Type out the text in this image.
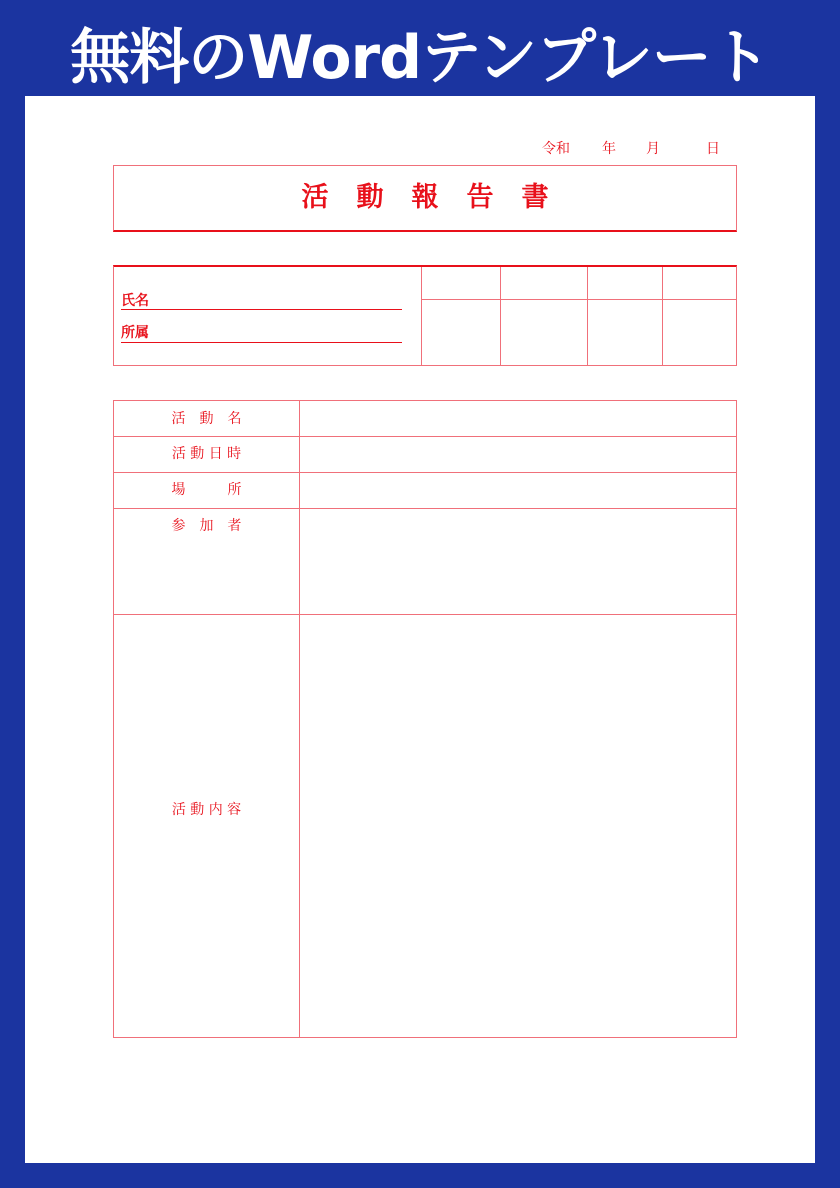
無料のWordテンプレート
令和 年 月	日
活動報告書
氏名
所属
活　動　名
活 動 日 時
場　　　所
参　加　者
活 動 内 容
